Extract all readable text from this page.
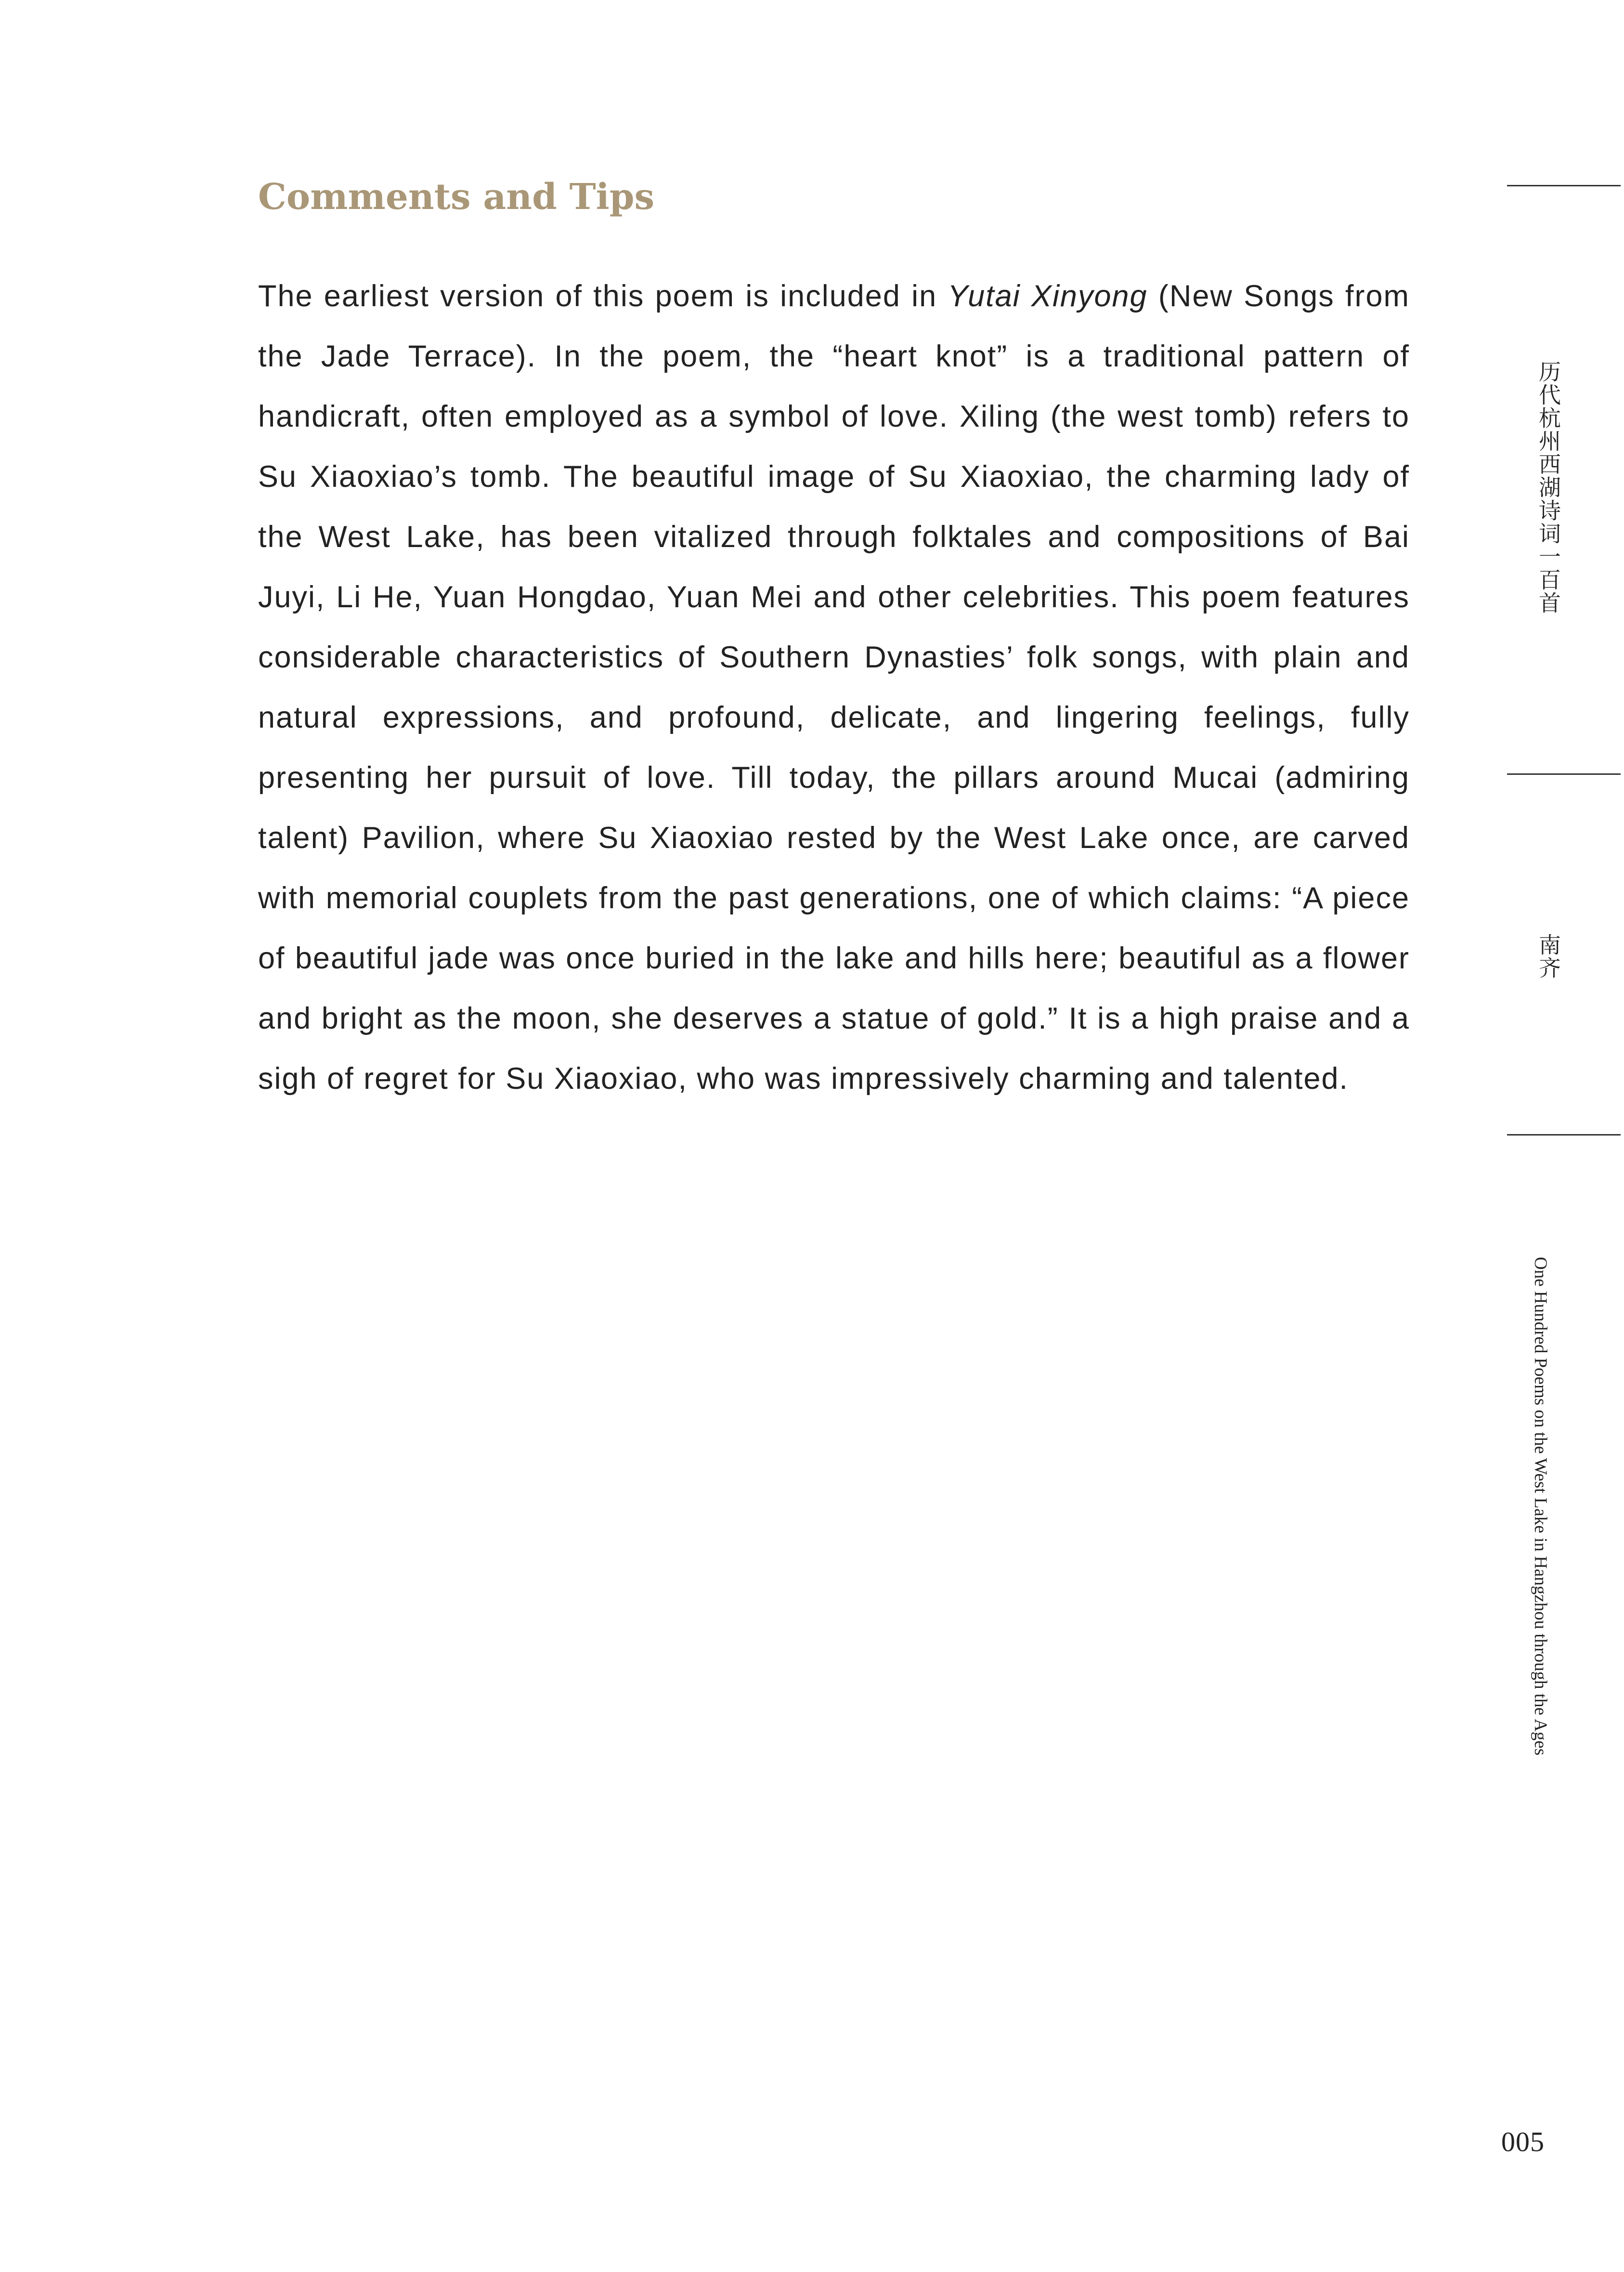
Comments and Tips

The earliest version of this poem is included in Yutai Xinyong (New Songs from the Jade Terrace). In the poem, the “heart knot” is a traditional pattern of handicraft, often employed as a symbol of love. Xiling (the west tomb) refers to Su Xiaoxiao’s tomb. The beautiful image of Su Xiaoxiao, the charming lady of the West Lake, has been vitalized through folktales and compositions of Bai Juyi, Li He, Yuan Hongdao, Yuan Mei and other celebrities. This poem features considerable characteristics of Southern Dynasties’ folk songs, with plain and natural expressions, and profound, delicate, and lingering feelings, fully presenting her pursuit of love. Till today, the pillars around Mucai (admiring talent) Pavilion, where Su Xiaoxiao rested by the West Lake once, are carved with memorial couplets from the past generations, one of which claims: “A piece of beautiful jade was once buried in the lake and hills here; beautiful as a flower and bright as the moon, she deserves a statue of gold.” It is a high praise and a sigh of regret for Su Xiaoxiao, who was impressively charming and talented.

历代杭州西湖诗词一百首
南齐
One Hundred Poems on the West Lake in Hangzhou through the Ages
005
